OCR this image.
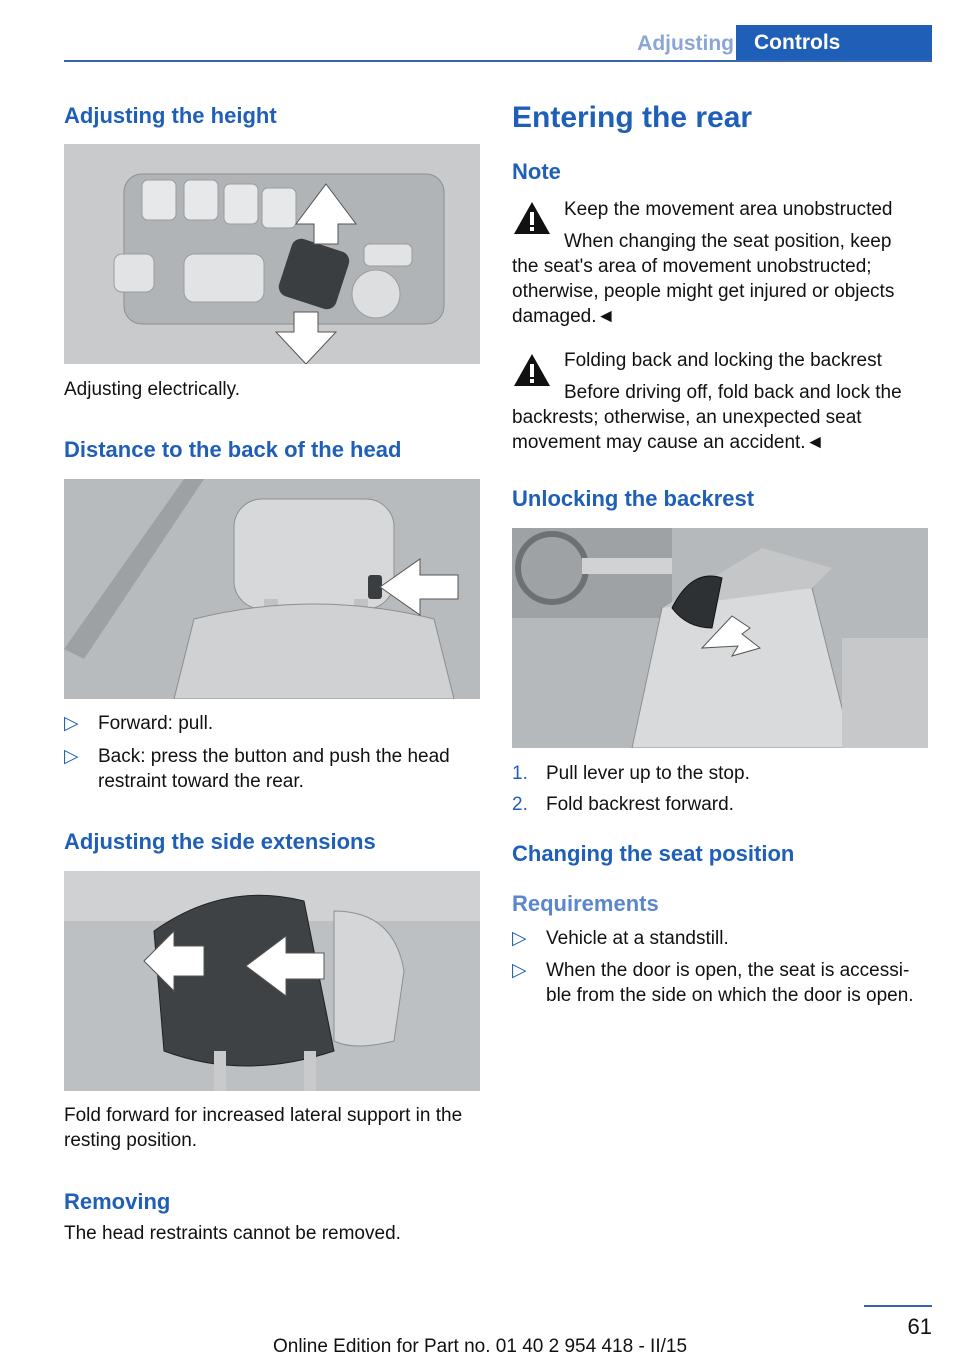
Adjusting Controls
Adjusting the height
Adjusting electrically.
Distance to the back of the head
▷	Forward: pull.
▷	Back: press the button and push the head restraint toward the rear.
Adjusting the side extensions
Fold forward for increased lateral support in the resting position.
Removing
The head restraints cannot be removed.
Entering the rear
Note
Keep the movement area unobstructed
When changing the seat position, keep
the seat's area of movement unobstructed; otherwise, people might get injured or objects damaged.◄
Folding back and locking the backrest
Before driving off, fold back and lock the
backrests; otherwise, an unexpected seat movement may cause an accident.◄
Unlocking the backrest
1. Pull lever up to the stop.
2. Fold backrest forward.
Changing the seat position
Requirements
▷	Vehicle at a standstill.
▷	When the door is open, the seat is accessible from the side on which the door is open.
61
Online Edition for Part no. 01 40 2 954 418 - II/15
